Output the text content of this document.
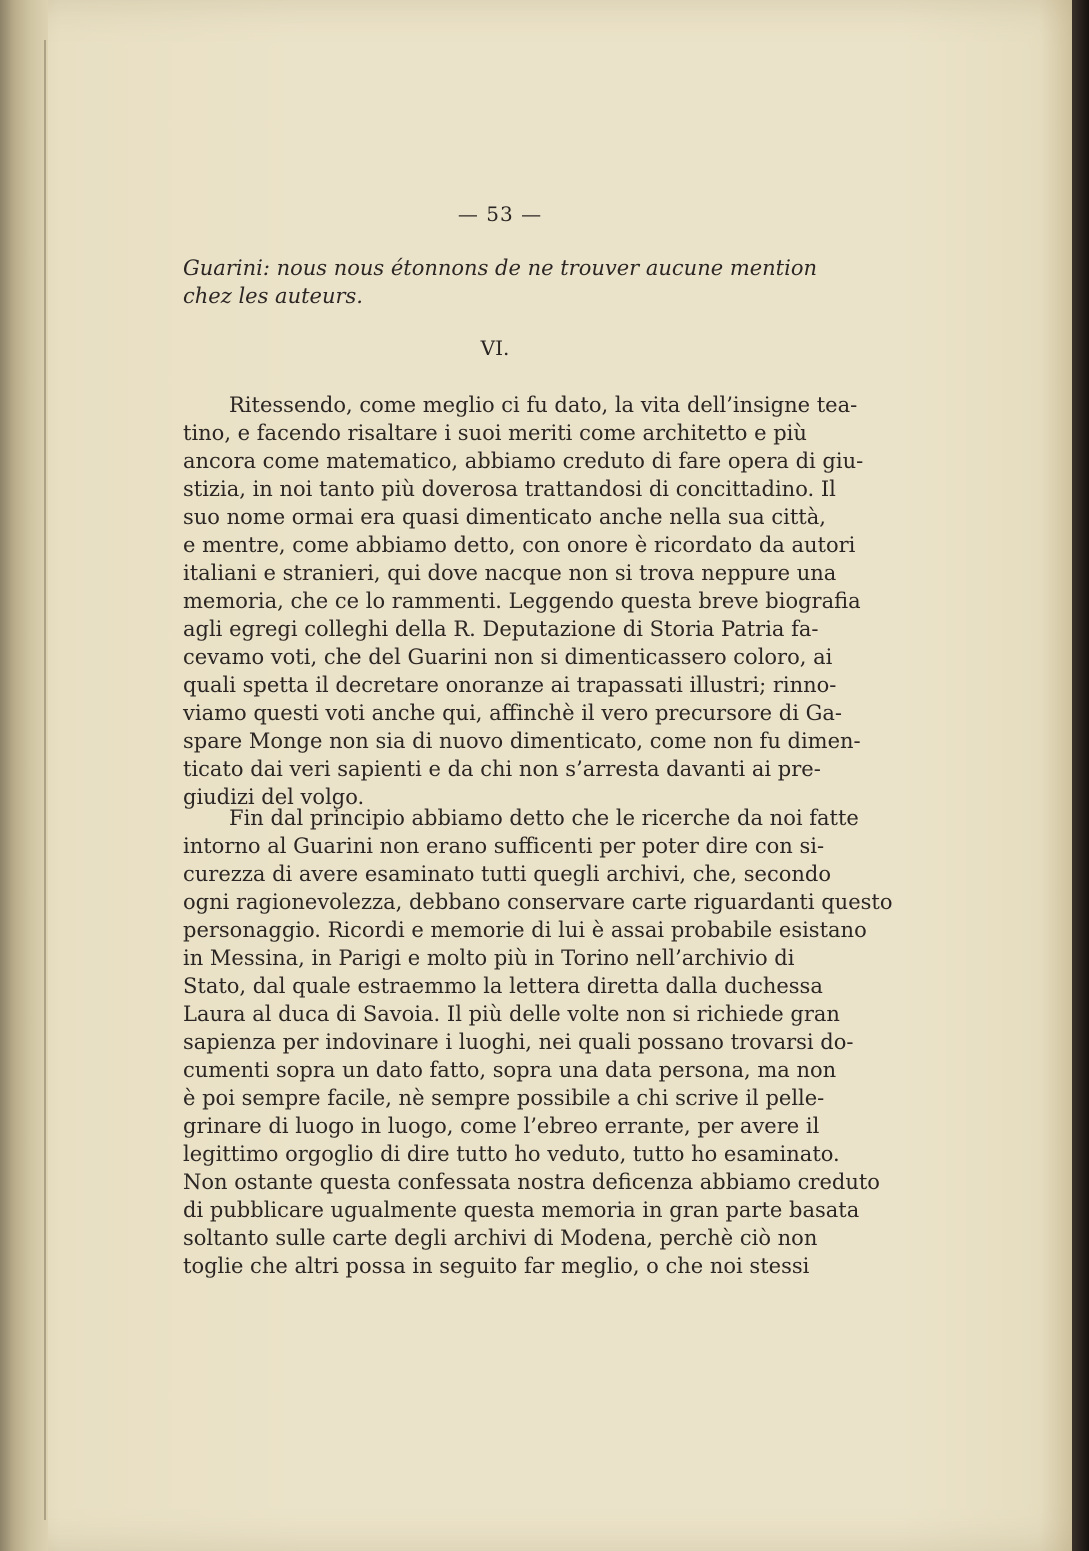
— 53 —
Guarini: nous nous étonnons de ne trouver aucune mention
chez les auteurs.
VI.
Ritessendo, come meglio ci fu dato, la vita dell’insigne tea-
tino, e facendo risaltare i suoi meriti come architetto e più
ancora come matematico, abbiamo creduto di fare opera di giu-
stizia, in noi tanto più doverosa trattandosi di concittadino. Il
suo nome ormai era quasi dimenticato anche nella sua città,
e mentre, come abbiamo detto, con onore è ricordato da autori
italiani e stranieri, qui dove nacque non si trova neppure una
memoria, che ce lo rammenti. Leggendo questa breve biografia
agli egregi colleghi della R. Deputazione di Storia Patria fa-
cevamo voti, che del Guarini non si dimenticassero coloro, ai
quali spetta il decretare onoranze ai trapassati illustri; rinno-
viamo questi voti anche qui, affinchè il vero precursore di Ga-
spare Monge non sia di nuovo dimenticato, come non fu dimen-
ticato dai veri sapienti e da chi non s’arresta davanti ai pre-
giudizi del volgo.
Fin dal principio abbiamo detto che le ricerche da noi fatte
intorno al Guarini non erano sufficenti per poter dire con si-
curezza di avere esaminato tutti quegli archivi, che, secondo
ogni ragionevolezza, debbano conservare carte riguardanti questo
personaggio. Ricordi e memorie di lui è assai probabile esistano
in Messina, in Parigi e molto più in Torino nell’archivio di
Stato, dal quale estraemmo la lettera diretta dalla duchessa
Laura al duca di Savoia. Il più delle volte non si richiede gran
sapienza per indovinare i luoghi, nei quali possano trovarsi do-
cumenti sopra un dato fatto, sopra una data persona, ma non
è poi sempre facile, nè sempre possibile a chi scrive il pelle-
grinare di luogo in luogo, come l’ebreo errante, per avere il
legittimo orgoglio di dire tutto ho veduto, tutto ho esaminato.
Non ostante questa confessata nostra deficenza abbiamo creduto
di pubblicare ugualmente questa memoria in gran parte basata
soltanto sulle carte degli archivi di Modena, perchè ciò non
toglie che altri possa in seguito far meglio, o che noi stessi
